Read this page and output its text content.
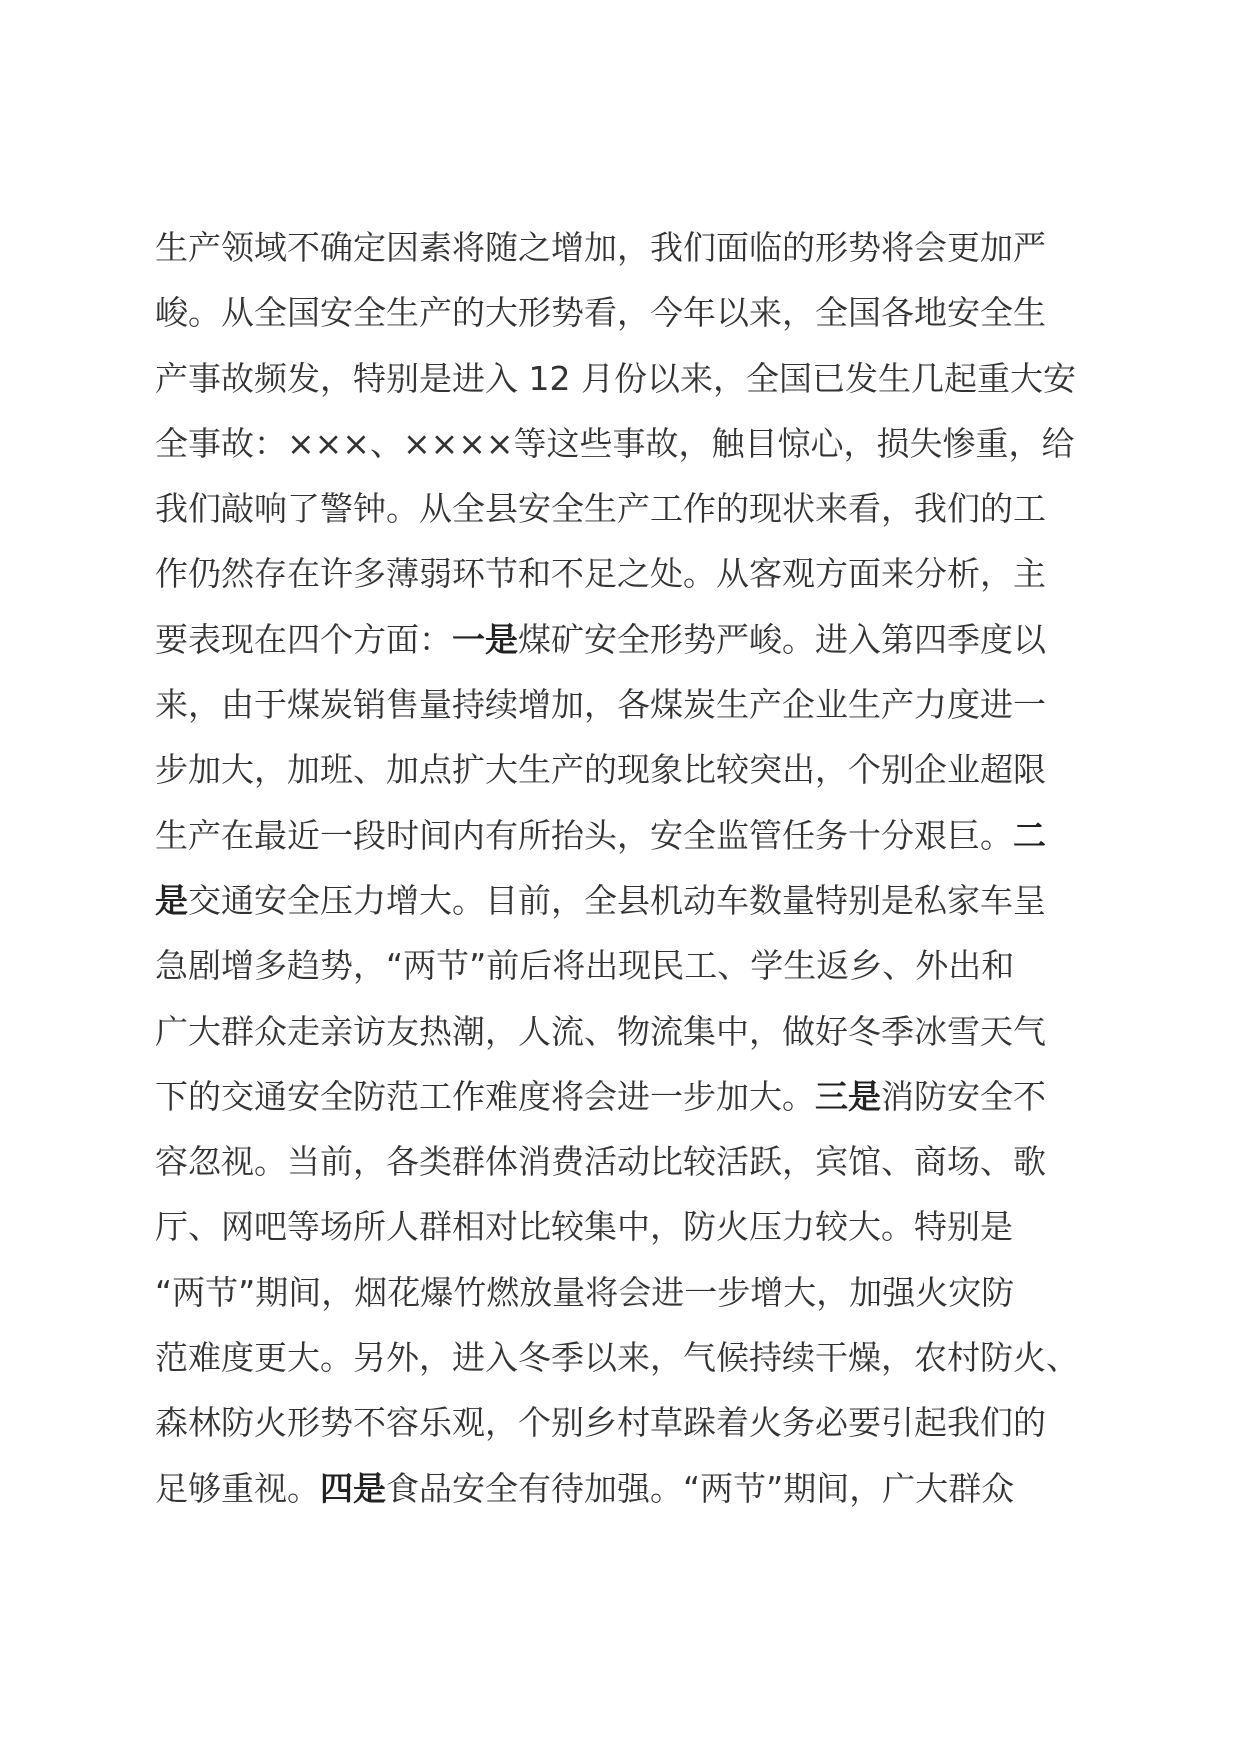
生产领域不确定因素将随之增加，我们面临的形势将会更加严
峻。从全国安全生产的大形势看，今年以来，全国各地安全生
产事故频发，特别是进入 12 月份以来，全国已发生几起重大安
全事故：×××、××××等这些事故，触目惊心，损失惨重，给
我们敲响了警钟。从全县安全生产工作的现状来看，我们的工
作仍然存在许多薄弱环节和不足之处。从客观方面来分析，主
要表现在四个方面：一是煤矿安全形势严峻。进入第四季度以
来，由于煤炭销售量持续增加，各煤炭生产企业生产力度进一
步加大，加班、加点扩大生产的现象比较突出，个别企业超限
生产在最近一段时间内有所抬头，安全监管任务十分艰巨。二
是交通安全压力增大。目前，全县机动车数量特别是私家车呈
急剧增多趋势，“两节”前后将出现民工、学生返乡、外出和
广大群众走亲访友热潮，人流、物流集中，做好冬季冰雪天气
下的交通安全防范工作难度将会进一步加大。三是消防安全不
容忽视。当前，各类群体消费活动比较活跃，宾馆、商场、歌
厅、网吧等场所人群相对比较集中，防火压力较大。特别是
“两节”期间，烟花爆竹燃放量将会进一步增大，加强火灾防
范难度更大。另外，进入冬季以来，气候持续干燥，农村防火、
森林防火形势不容乐观，个别乡村草跺着火务必要引起我们的
足够重视。四是食品安全有待加强。“两节”期间，广大群众
